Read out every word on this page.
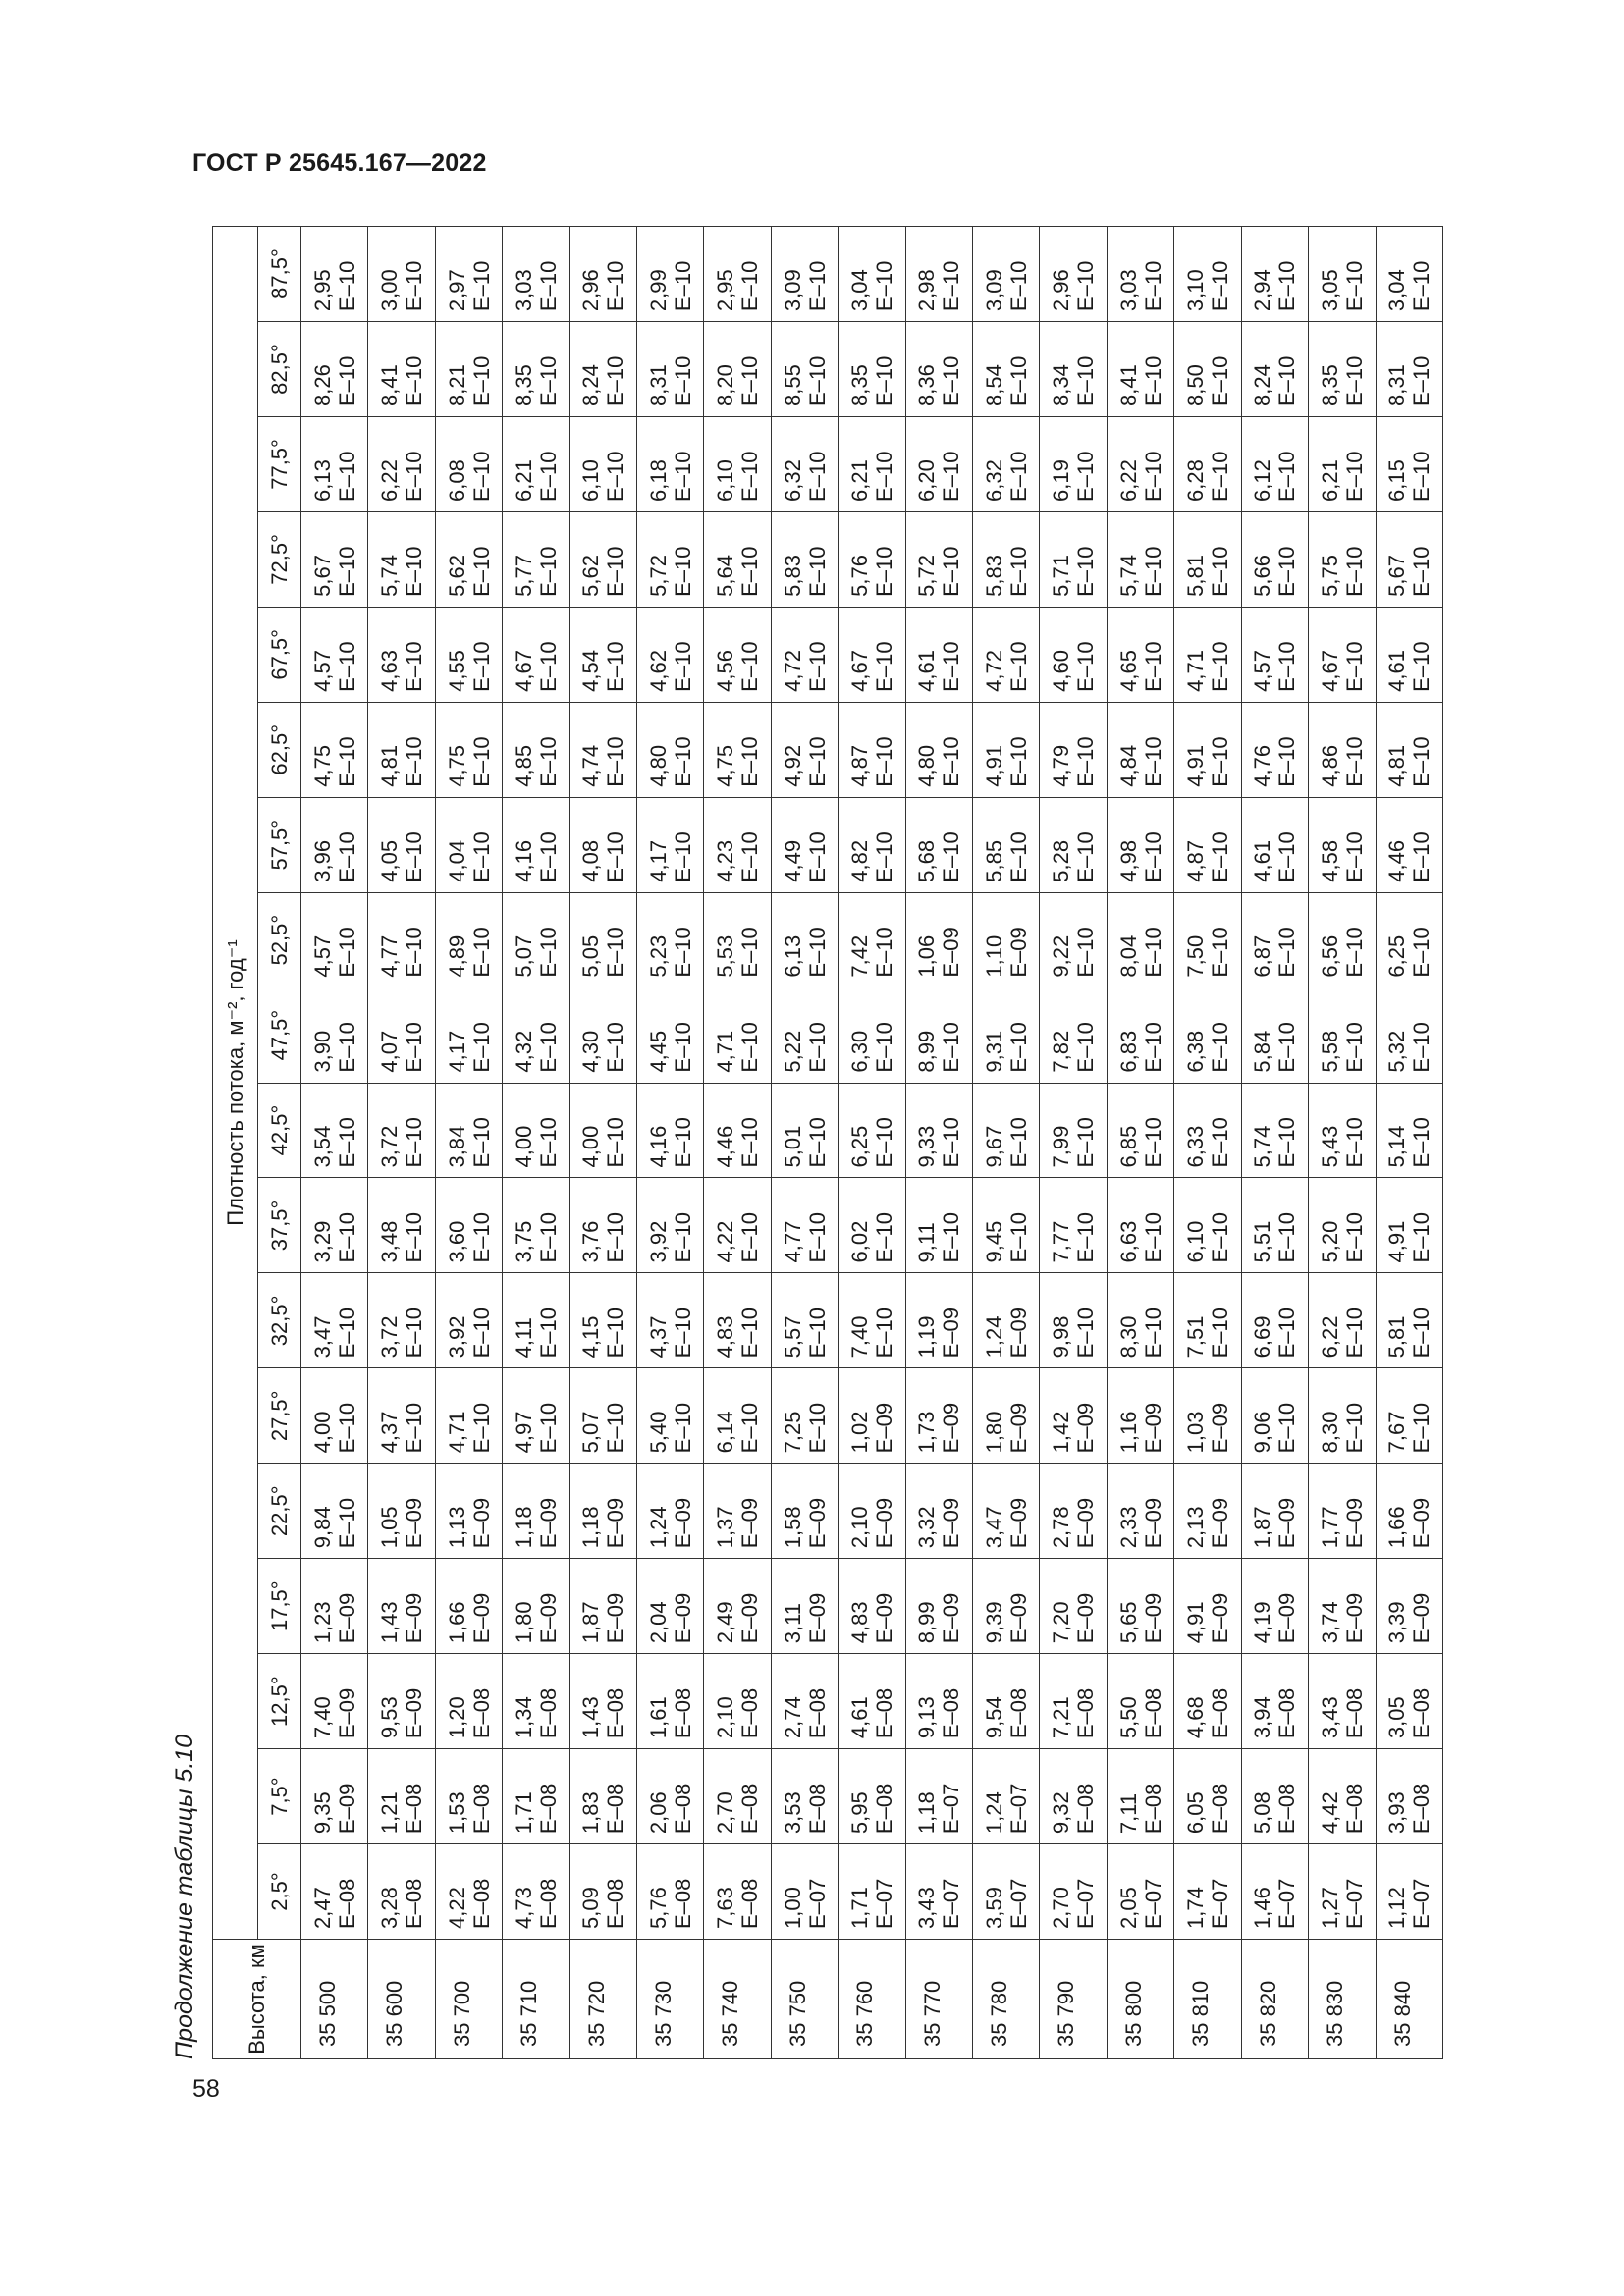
ГОСТ Р 25645.167—2022
Продолжение таблицы 5.10 Высота, км	Плотность потока, м⁻², год⁻¹																	
	2,5°	7,5°	12,5°	17,5°	22,5°	27,5°	32,5°	37,5°	42,5°	47,5°	52,5°	57,5°	62,5°	67,5°	72,5°	77,5°	82,5°	87,5°
35 500	2,47 E–08	9,35 E–09	7,40 E–09	1,23 E–09	9,84 E–10	4,00 E–10	3,47 E–10	3,29 E–10	3,54 E–10	3,90 E–10	4,57 E–10	3,96 E–10	4,75 E–10	4,57 E–10	5,67 E–10	6,13 E–10	8,26 E–10	2,95 E–10

35 600	3,28 E–08	1,21 E–08	9,53 E–09	1,43 E–09	1,05 E–09	4,37 E–10	3,72 E–10	3,48 E–10	3,72 E–10	4,07 E–10	4,77 E–10	4,05 E–10	4,81 E–10	4,63 E–10	5,74 E–10	6,22 E–10	8,41 E–10	3,00 E–10

35 700	4,22 E–08	1,53 E–08	1,20 E–08	1,66 E–09	1,13 E–09	4,71 E–10	3,92 E–10	3,60 E–10	3,84 E–10	4,17 E–10	4,89 E–10	4,04 E–10	4,75 E–10	4,55 E–10	5,62 E–10	6,08 E–10	8,21 E–10	2,97 E–10

35 710	4,73 E–08	1,71 E–08	1,34 E–08	1,80 E–09	1,18 E–09	4,97 E–10	4,11 E–10	3,75 E–10	4,00 E–10	4,32 E–10	5,07 E–10	4,16 E–10	4,85 E–10	4,67 E–10	5,77 E–10	6,21 E–10	8,35 E–10	3,03 E–10

35 720	5,09 E–08	1,83 E–08	1,43 E–08	1,87 E–09	1,18 E–09	5,07 E–10	4,15 E–10	3,76 E–10	4,00 E–10	4,30 E–10	5,05 E–10	4,08 E–10	4,74 E–10	4,54 E–10	5,62 E–10	6,10 E–10	8,24 E–10	2,96 E–10

35 730	5,76 E–08	2,06 E–08	1,61 E–08	2,04 E–09	1,24 E–09	5,40 E–10	4,37 E–10	3,92 E–10	4,16 E–10	4,45 E–10	5,23 E–10	4,17 E–10	4,80 E–10	4,62 E–10	5,72 E–10	6,18 E–10	8,31 E–10	2,99 E–10

35 740	7,63 E–08	2,70 E–08	2,10 E–08	2,49 E–09	1,37 E–09	6,14 E–10	4,83 E–10	4,22 E–10	4,46 E–10	4,71 E–10	5,53 E–10	4,23 E–10	4,75 E–10	4,56 E–10	5,64 E–10	6,10 E–10	8,20 E–10	2,95 E–10

35 750	1,00 E–07	3,53 E–08	2,74 E–08	3,11 E–09	1,58 E–09	7,25 E–10	5,57 E–10	4,77 E–10	5,01 E–10	5,22 E–10	6,13 E–10	4,49 E–10	4,92 E–10	4,72 E–10	5,83 E–10	6,32 E–10	8,55 E–10	3,09 E–10

35 760	1,71 E–07	5,95 E–08	4,61 E–08	4,83 E–09	2,10 E–09	1,02 E–09	7,40 E–10	6,02 E–10	6,25 E–10	6,30 E–10	7,42 E–10	4,82 E–10	4,87 E–10	4,67 E–10	5,76 E–10	6,21 E–10	8,35 E–10	3,04 E–10

35 770	3,43 E–07	1,18 E–07	9,13 E–08	8,99 E–09	3,32 E–09	1,73 E–09	1,19 E–09	9,11 E–10	9,33 E–10	8,99 E–10	1,06 E–09	5,68 E–10	4,80 E–10	4,61 E–10	5,72 E–10	6,20 E–10	8,36 E–10	2,98 E–10

35 780	3,59 E–07	1,24 E–07	9,54 E–08	9,39 E–09	3,47 E–09	1,80 E–09	1,24 E–09	9,45 E–10	9,67 E–10	9,31 E–10	1,10 E–09	5,85 E–10	4,91 E–10	4,72 E–10	5,83 E–10	6,32 E–10	8,54 E–10	3,09 E–10

35 790	2,70 E–07	9,32 E–08	7,21 E–08	7,20 E–09	2,78 E–09	1,42 E–09	9,98 E–10	7,77 E–10	7,99 E–10	7,82 E–10	9,22 E–10	5,28 E–10	4,79 E–10	4,60 E–10	5,71 E–10	6,19 E–10	8,34 E–10	2,96 E–10

35 800	2,05 E–07	7,11 E–08	5,50 E–08	5,65 E–09	2,33 E–09	1,16 E–09	8,30 E–10	6,63 E–10	6,85 E–10	6,83 E–10	8,04 E–10	4,98 E–10	4,84 E–10	4,65 E–10	5,74 E–10	6,22 E–10	8,41 E–10	3,03 E–10

35 810	1,74 E–07	6,05 E–08	4,68 E–08	4,91 E–09	2,13 E–09	1,03 E–09	7,51 E–10	6,10 E–10	6,33 E–10	6,38 E–10	7,50 E–10	4,87 E–10	4,91 E–10	4,71 E–10	5,81 E–10	6,28 E–10	8,50 E–10	3,10 E–10

35 820	1,46 E–07	5,08 E–08	3,94 E–08	4,19 E–09	1,87 E–09	9,06 E–10	6,69 E–10	5,51 E–10	5,74 E–10	5,84 E–10	6,87 E–10	4,61 E–10	4,76 E–10	4,57 E–10	5,66 E–10	6,12 E–10	8,24 E–10	2,94 E–10

35 830	1,27 E–07	4,42 E–08	3,43 E–08	3,74 E–09	1,77 E–09	8,30 E–10	6,22 E–10	5,20 E–10	5,43 E–10	5,58 E–10	6,56 E–10	4,58 E–10	4,86 E–10	4,67 E–10	5,75 E–10	6,21 E–10	8,35 E–10	3,05 E–10

35 840	1,12 E–07	3,93 E–08	3,05 E–08	3,39 E–09	1,66 E–09	7,67 E–10	5,81 E–10	4,91 E–10	5,14 E–10	5,32 E–10	6,25 E–10	4,46 E–10	4,81 E–10	4,61 E–10	5,67 E–10	6,15 E–10	8,31 E–10	3,04 E–10
58
